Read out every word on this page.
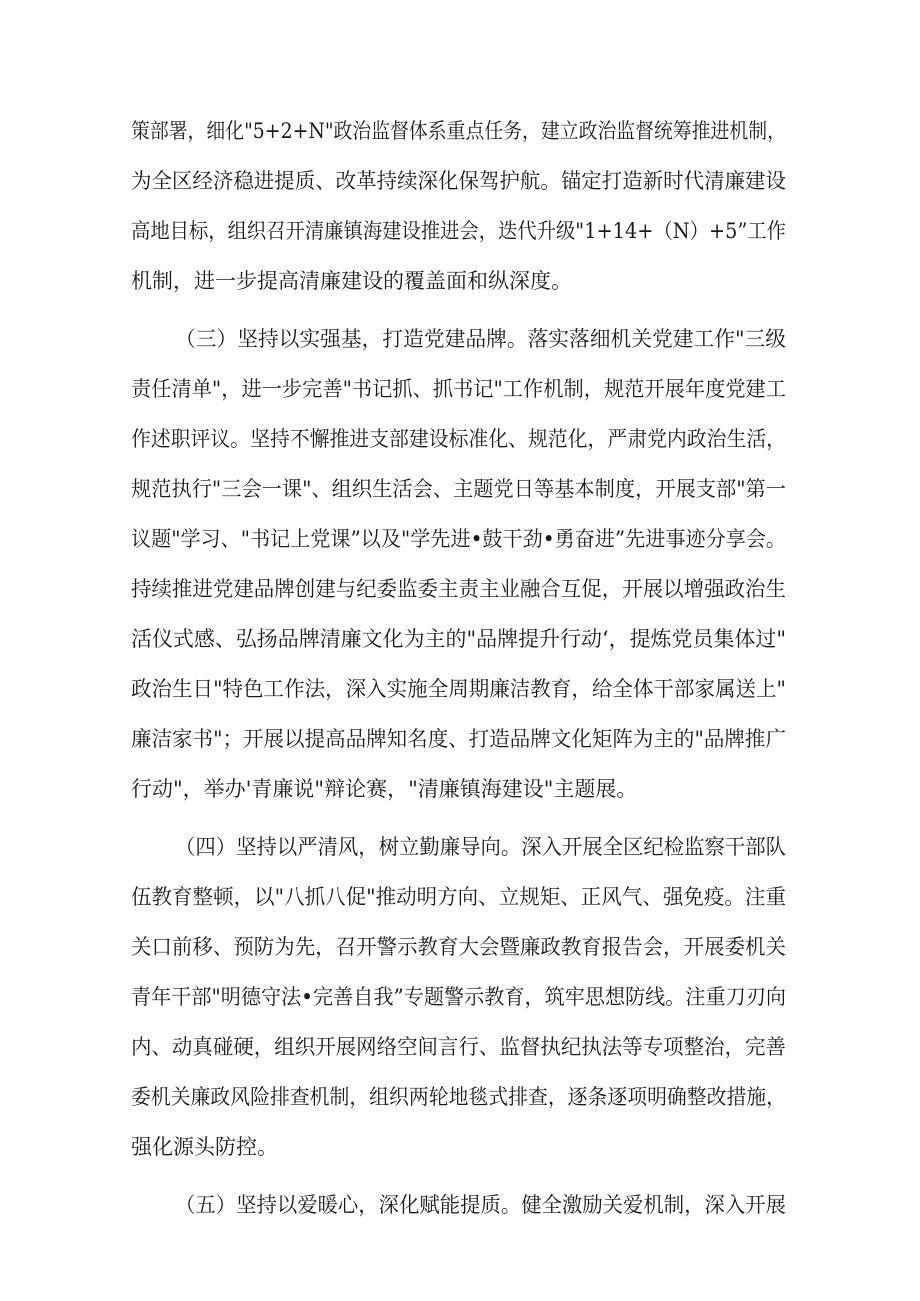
策部署，细化"5+2+N"政治监督体系重点任务，建立政治监督统筹推进机制，
为全区经济稳进提质、改革持续深化保驾护航。锚定打造新时代清廉建设
高地目标，组织召开清廉镇海建设推进会，迭代升级"1+14+（N）+5”工作
机制，进一步提高清廉建设的覆盖面和纵深度。
（三）坚持以实强基，打造党建品牌。落实落细机关党建工作"三级
责任清单"，进一步完善"书记抓、抓书记"工作机制，规范开展年度党建工
作述职评议。坚持不懈推进支部建设标准化、规范化，严肃党内政治生活，
规范执行"三会一课"、组织生活会、主题党日等基本制度，开展支部"第一
议题"学习、"书记上党课”以及"学先进•鼓干劲•勇奋进”先进事迹分享会。
持续推进党建品牌创建与纪委监委主责主业融合互促，开展以增强政治生
活仪式感、弘扬品牌清廉文化为主的"品牌提升行动‘，提炼党员集体过"
政治生日"特色工作法，深入实施全周期廉洁教育，给全体干部家属送上"
廉洁家书"；开展以提高品牌知名度、打造品牌文化矩阵为主的"品牌推广
行动"，举办'青廉说"辩论赛，"清廉镇海建设"主题展。
（四）坚持以严清风，树立勤廉导向。深入开展全区纪检监察干部队
伍教育整顿，以"八抓八促"推动明方向、立规矩、正风气、强免疫。注重
关口前移、预防为先，召开警示教育大会暨廉政教育报告会，开展委机关
青年干部"明德守法•完善自我”专题警示教育，筑牢思想防线。注重刀刃向
内、动真碰硬，组织开展网络空间言行、监督执纪执法等专项整治，完善
委机关廉政风险排查机制，组织两轮地毯式排查，逐条逐项明确整改措施，
强化源头防控。
（五）坚持以爱暖心，深化赋能提质。健全激励关爱机制，深入开展
